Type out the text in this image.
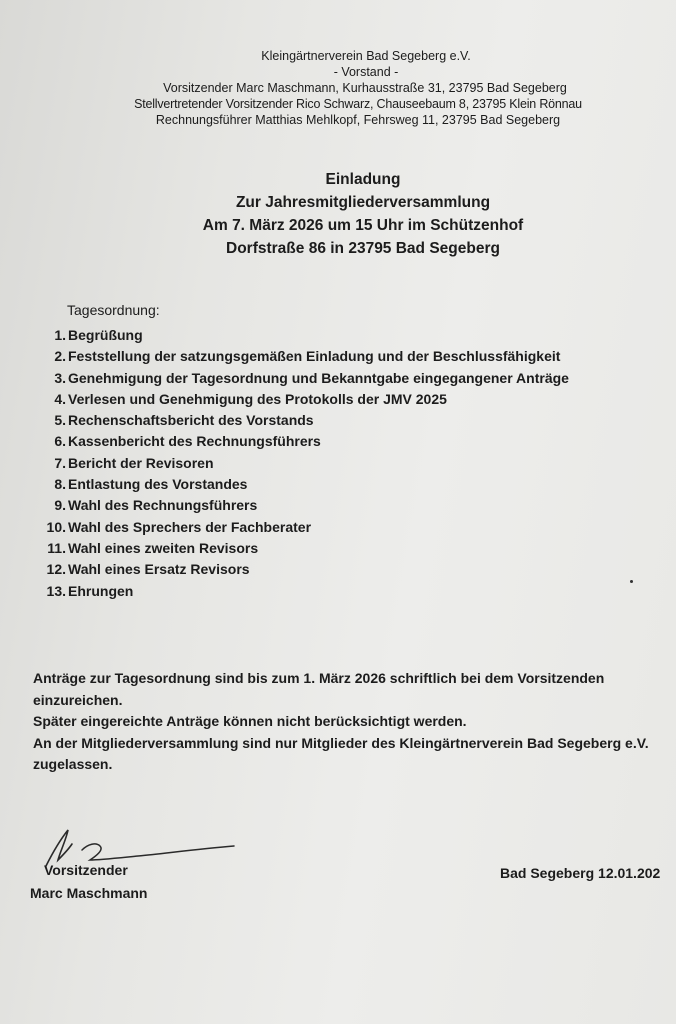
Kleingärtnerverein Bad Segeberg e.V.
- Vorstand -
Vorsitzender Marc Maschmann, Kurhausstraße 31, 23795 Bad Segeberg
Stellvertretender Vorsitzender Rico Schwarz, Chauseebaum 8, 23795 Klein Rönnau
Rechnungsführer Matthias Mehlkopf, Fehrsweg 11, 23795 Bad Segeberg
Einladung
Zur Jahresmitgliederversammlung
Am 7. März 2026 um 15 Uhr im Schützenhof
Dorfstraße 86 in 23795 Bad Segeberg
Tagesordnung:
1. Begrüßung
2. Feststellung der satzungsgemäßen Einladung und der Beschlussfähigkeit
3. Genehmigung der Tagesordnung und Bekanntgabe eingegangener Anträge
4. Verlesen und Genehmigung des Protokolls der JMV 2025
5. Rechenschaftsbericht des Vorstands
6. Kassenbericht des Rechnungsführers
7. Bericht der Revisoren
8. Entlastung des Vorstandes
9. Wahl des Rechnungsführers
10. Wahl des Sprechers der Fachberater
11. Wahl eines zweiten Revisors
12. Wahl eines Ersatz Revisors
13. Ehrungen

Anträge zur Tagesordnung sind bis zum 1. März 2026 schriftlich bei dem Vorsitzenden einzureichen.

Später eingereichte Anträge können nicht berücksichtigt werden.

An der Mitgliederversammlung sind nur Mitglieder des Kleingärtnerverein Bad Segeberg e.V. zugelassen.

Vorsitzender
Marc Maschmann
Bad Segeberg 12.01.202
